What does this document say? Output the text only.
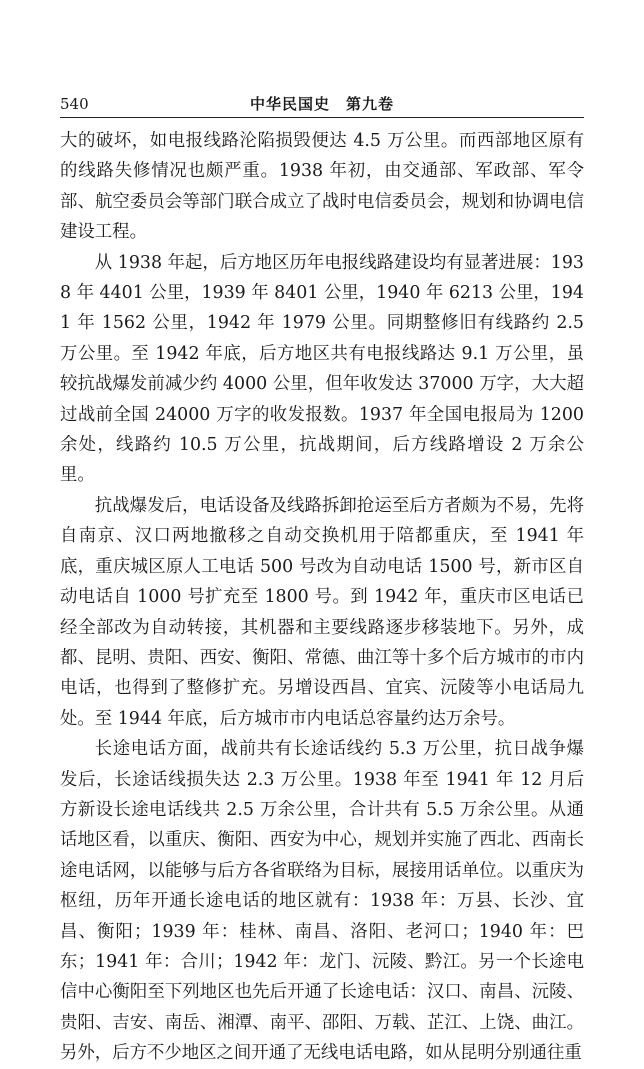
540	中华民国史　第九卷

大的破坏，如电报线路沦陷损毁便达 4.5 万公里。而西部地区原有的线路失修情况也颇严重。1938 年初，由交通部、军政部、军令部、航空委员会等部门联合成立了战时电信委员会，规划和协调电信建设工程。

从 1938 年起，后方地区历年电报线路建设均有显著进展：1938 年 4401 公里，1939 年 8401 公里，1940 年 6213 公里，1941 年 1562 公里，1942 年 1979 公里。同期整修旧有线路约 2.5 万公里。至 1942 年底，后方地区共有电报线路达 9.1 万公里，虽较抗战爆发前减少约 4000 公里，但年收发达 37000 万字，大大超过战前全国 24000 万字的收发报数。1937 年全国电报局为 1200 余处，线路约 10.5 万公里，抗战期间，后方线路增设 2 万余公里。

抗战爆发后，电话设备及线路拆卸抢运至后方者颇为不易，先将自南京、汉口两地撤移之自动交换机用于陪都重庆，至 1941 年底，重庆城区原人工电话 500 号改为自动电话 1500 号，新市区自动电话自 1000 号扩充至 1800 号。到 1942 年，重庆市区电话已经全部改为自动转接，其机器和主要线路逐步移装地下。另外，成都、昆明、贵阳、西安、衡阳、常德、曲江等十多个后方城市的市内电话，也得到了整修扩充。另增设西昌、宜宾、沅陵等小电话局九处。至 1944 年底，后方城市市内电话总容量约达万余号。

长途电话方面，战前共有长途话线约 5.3 万公里，抗日战争爆发后，长途话线损失达 2.3 万公里。1938 年至 1941 年 12 月后方新设长途电话线共 2.5 万余公里，合计共有 5.5 万余公里。从通话地区看，以重庆、衡阳、西安为中心，规划并实施了西北、西南长途电话网，以能够与后方各省联络为目标，展接用话单位。以重庆为枢纽，历年开通长途电话的地区就有：1938 年：万县、长沙、宜昌、衡阳；1939 年：桂林、南昌、洛阳、老河口；1940 年：巴东；1941 年：合川；1942 年：龙门、沅陵、黔江。另一个长途电信中心衡阳至下列地区也先后开通了长途电话：汉口、南昌、沅陵、贵阳、吉安、南岳、湘潭、南平、邵阳、万载、芷江、上饶、曲江。另外，后方不少地区之间开通了无线电话电路，如从昆明分别通往重
